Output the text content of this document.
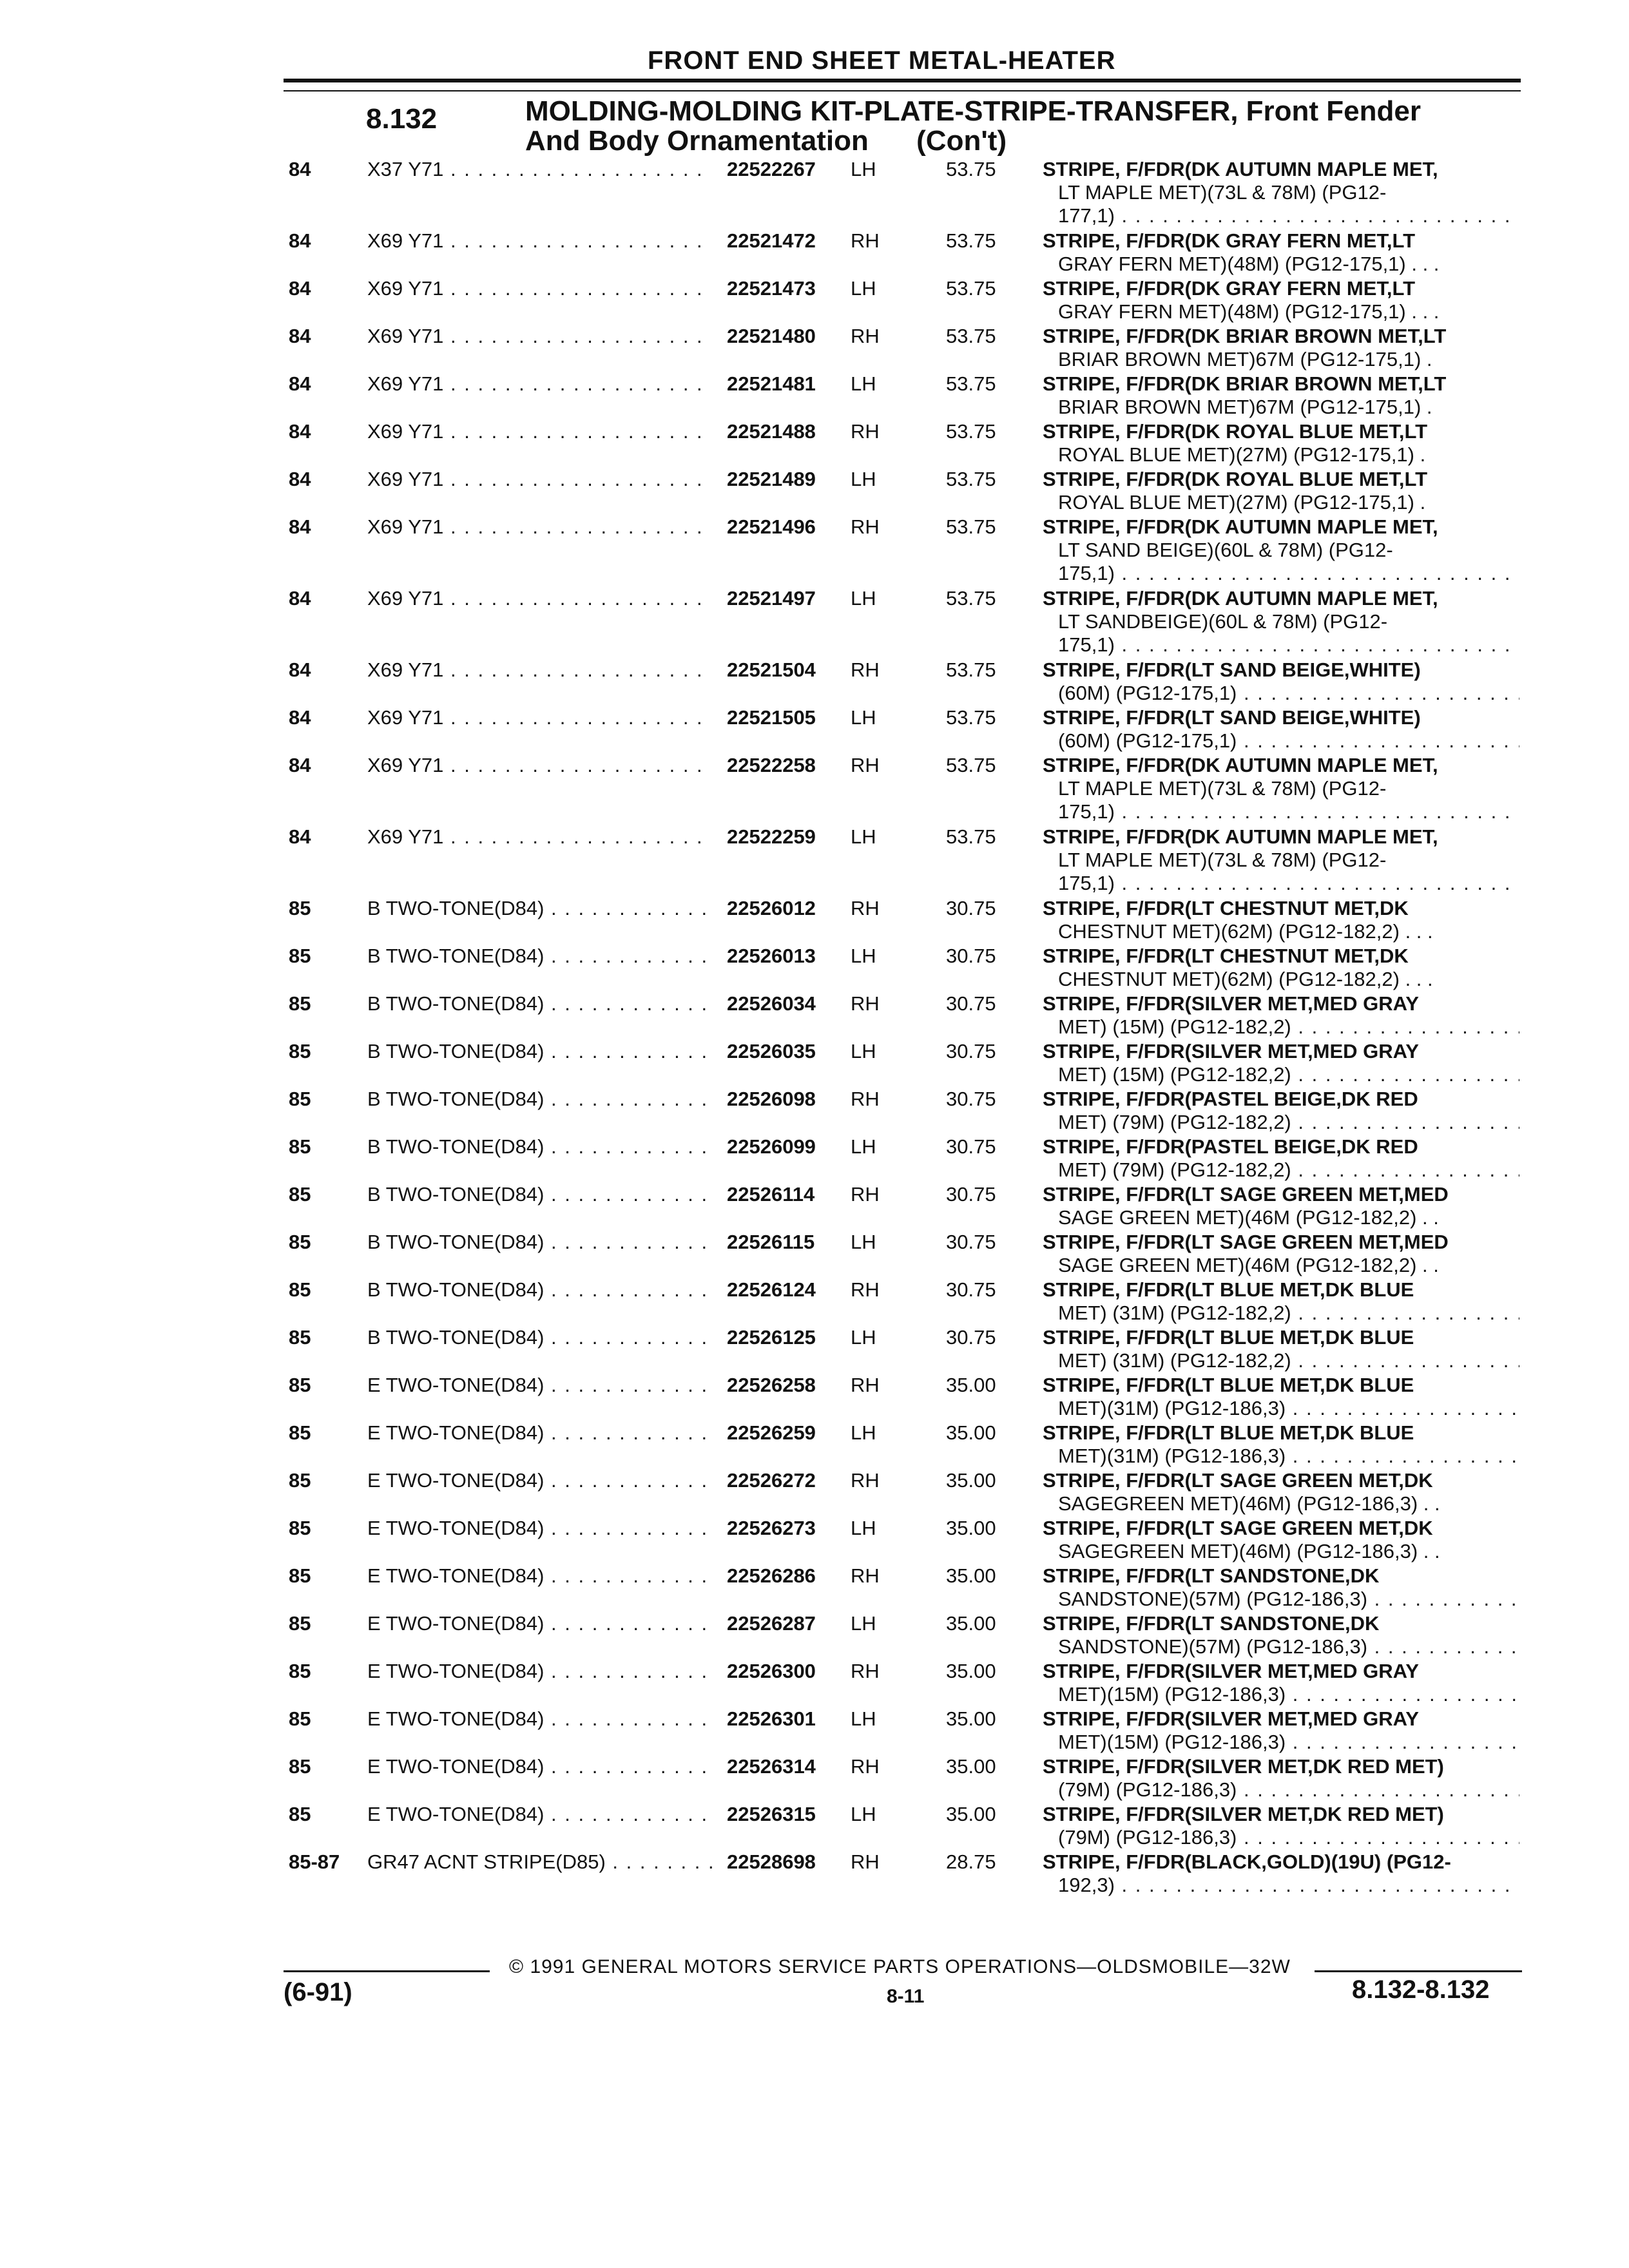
FRONT END SHEET METAL-HEATER
8.132	MOLDING-MOLDING KIT-PLATE-STRIPE-TRANSFER, Front Fender
And Body Ornamentation (Con't)
84	X37 Y71 . . .	22522267 LH	53.75 STRIPE, F/FDR(DK AUTUMN MAPLE MET,
LT MAPLE MET)(73L & 78M) (PG12-
177,1) . . .
84	X69 Y71 . . .	22521472 RH	53.75 STRIPE, F/FDR(DK GRAY FERN MET,LT
GRAY FERN MET)(48M) (PG12-175,1) . . .
84	X69 Y71 . . .	22521473 LH	53.75 STRIPE, F/FDR(DK GRAY FERN MET,LT
GRAY FERN MET)(48M) (PG12-175,1) . . .
84	X69 Y71 . . .	22521480 RH	53.75 STRIPE, F/FDR(DK BRIAR BROWN MET,LT
BRIAR BROWN MET)67M (PG12-175,1) .
84	X69 Y71 . . .	22521481 LH	53.75 STRIPE, F/FDR(DK BRIAR BROWN MET,LT
BRIAR BROWN MET)67M (PG12-175,1) .
84	X69 Y71 . . .	22521488 RH	53.75 STRIPE, F/FDR(DK ROYAL BLUE MET,LT
ROYAL BLUE MET)(27M) (PG12-175,1) .
84	X69 Y71 . . .	22521489 LH	53.75 STRIPE, F/FDR(DK ROYAL BLUE MET,LT
ROYAL BLUE MET)(27M) (PG12-175,1) .
84	X69 Y71 . . .	22521496 RH	53.75 STRIPE, F/FDR(DK AUTUMN MAPLE MET,
LT SAND BEIGE)(60L & 78M) (PG12-
175,1) . . .
84	X69 Y71 . . .	22521497 LH	53.75 STRIPE, F/FDR(DK AUTUMN MAPLE MET,
LT SANDBEIGE)(60L & 78M) (PG12-
175,1) . . .
84	X69 Y71 . . .	22521504 RH	53.75 STRIPE, F/FDR(LT SAND BEIGE,WHITE)
(60M) (PG12-175,1) . . .
84	X69 Y71 . . .	22521505 LH	53.75 STRIPE, F/FDR(LT SAND BEIGE,WHITE)
(60M) (PG12-175,1) . . .
84	X69 Y71 . . .	22522258 RH	53.75 STRIPE, F/FDR(DK AUTUMN MAPLE MET,
LT MAPLE MET)(73L & 78M) (PG12-
175,1) . . .
84	X69 Y71 . . .	22522259 LH	53.75 STRIPE, F/FDR(DK AUTUMN MAPLE MET,
LT MAPLE MET)(73L & 78M) (PG12-
175,1) . . .
85	B TWO-TONE(D84) . . .	22526012 RH	30.75 STRIPE, F/FDR(LT CHESTNUT MET,DK
CHESTNUT MET)(62M) (PG12-182,2) . . .
85	B TWO-TONE(D84) . . .	22526013 LH	30.75 STRIPE, F/FDR(LT CHESTNUT MET,DK
CHESTNUT MET)(62M) (PG12-182,2) . . .
85	B TWO-TONE(D84) . . .	22526034 RH	30.75 STRIPE, F/FDR(SILVER MET,MED GRAY
MET) (15M) (PG12-182,2) . . .
85	B TWO-TONE(D84) . . .	22526035 LH	30.75 STRIPE, F/FDR(SILVER MET,MED GRAY
MET) (15M) (PG12-182,2) . . .
85	B TWO-TONE(D84) . . .	22526098 RH	30.75 STRIPE, F/FDR(PASTEL BEIGE,DK RED
MET) (79M) (PG12-182,2) . . .
85	B TWO-TONE(D84) . . .	22526099 LH	30.75 STRIPE, F/FDR(PASTEL BEIGE,DK RED
MET) (79M) (PG12-182,2) . . .
85	B TWO-TONE(D84) . . .	22526114 RH	30.75 STRIPE, F/FDR(LT SAGE GREEN MET,MED
SAGE GREEN MET)(46M (PG12-182,2) . .
85	B TWO-TONE(D84) . . .	22526115 LH	30.75 STRIPE, F/FDR(LT SAGE GREEN MET,MED
SAGE GREEN MET)(46M (PG12-182,2) . .
85	B TWO-TONE(D84) . . .	22526124 RH	30.75 STRIPE, F/FDR(LT BLUE MET,DK BLUE
MET) (31M) (PG12-182,2) . . .
85	B TWO-TONE(D84) . . .	22526125 LH	30.75 STRIPE, F/FDR(LT BLUE MET,DK BLUE
MET) (31M) (PG12-182,2) . . .
85	E TWO-TONE(D84) . . .	22526258 RH	35.00 STRIPE, F/FDR(LT BLUE MET,DK BLUE
MET)(31M) (PG12-186,3) . . .
85	E TWO-TONE(D84) . . .	22526259 LH	35.00 STRIPE, F/FDR(LT BLUE MET,DK BLUE
MET)(31M) (PG12-186,3) . . .
85	E TWO-TONE(D84) . . .	22526272 RH	35.00 STRIPE, F/FDR(LT SAGE GREEN MET,DK
SAGEGREEN MET)(46M) (PG12-186,3) . .
85	E TWO-TONE(D84) . . .	22526273 LH	35.00 STRIPE, F/FDR(LT SAGE GREEN MET,DK
SAGEGREEN MET)(46M) (PG12-186,3) . .
85	E TWO-TONE(D84) . . .	22526286 RH	35.00 STRIPE, F/FDR(LT SANDSTONE,DK
SANDSTONE)(57M) (PG12-186,3) . . .
85	E TWO-TONE(D84) . . .	22526287 LH	35.00 STRIPE, F/FDR(LT SANDSTONE,DK
SANDSTONE)(57M) (PG12-186,3) . . .
85	E TWO-TONE(D84) . . .	22526300 RH	35.00 STRIPE, F/FDR(SILVER MET,MED GRAY
MET)(15M) (PG12-186,3) . . .
85	E TWO-TONE(D84) . . .	22526301 LH	35.00 STRIPE, F/FDR(SILVER MET,MED GRAY
MET)(15M) (PG12-186,3) . . .
85	E TWO-TONE(D84) . . .	22526314 RH	35.00 STRIPE, F/FDR(SILVER MET,DK RED MET)
(79M) (PG12-186,3) . . .
85	E TWO-TONE(D84) . . .	22526315 LH	35.00 STRIPE, F/FDR(SILVER MET,DK RED MET)
(79M) (PG12-186,3) . . .
85-87	GR47 ACNT STRIPE(D85) . . .	22528698 RH	28.75 STRIPE, F/FDR(BLACK,GOLD)(19U) (PG12-
192,3) . . .
© 1991 GENERAL MOTORS SERVICE PARTS OPERATIONS—OLDSMOBILE—32W
(6-91)	8-11	8.132-8.132
